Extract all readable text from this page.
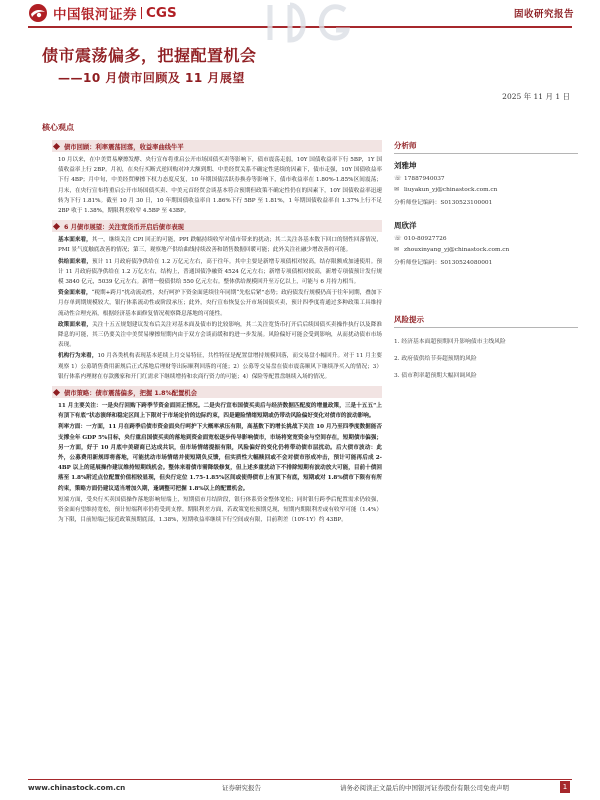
中国银河证券 CGS	固收研究报告
债市震荡偏多，把握配置机会
——10 月债市回顾及 11 月展望
2025 年 11 月 1 日
核心观点
债市回顾：利率震荡回落，收益率曲线牛平

10 月以来，在中美贸易摩擦发酵、央行宣布将重启公开市场国债买卖等影响下，债市震荡走弱，10Y 国债收益率下行 5BP，1Y 国债收益率上行 2BP。月初，在央行买断式逆回购对冲大额到期、中美经贸关系不确定性延续的因素下，债市走强，10Y 国债收益率下行 4BP；月中旬，中美经贸摩擦下权力态度反复，10 年期国债活跃券换券等影响下，债市收益率在 1.80%-1.85%区间震荡；月末，在央行宣布将重启公开市场国债买卖、中美元首经贸会谈基本符合预期但政策不确定性仍在的因素下，10Y 国债收益率迅速转为下行 1.81%。截至 10 月 30 日，10 年期国债收益率自 1.86%下行 5BP 至 1.81%，1 年期国债收益率自 1.37%上行不足 2BP 收于 1.38%，期限利差收窄 4.5BP 至 43BP。

6 月债市展望：关注宽货币开启后债市表现

基本面来看，其一，继续关注 CPI 回正的可能，PPI 跌幅持续收窄对债市带来的扰动；其二关注各基本数下回口的韧性回落情况，PMI 景气度触底改善的情况；第三，观察地产供给曲线持续改善和销售数据回暖可能；此外关注社融少增改善的可能。

供给面来看，预计 11 月政府债净供给在 1.2 万亿元左右，高于往年。其中主要是新增专项债相对较高，结存限额成加速使用。预计 11 月政府债净供给在 1.2 万亿左右，结构上，普通国债净融资 4524 亿元左右；新增专项债相对较高，新增专项债预计发行规模 3840 亿元，5039 亿元左右。新增一般债供给 550 亿元左右。整体供给规模回升至万亿以上，可能与 6 月持力相当。

资金面来看，“税期+跨月”扰动流动性，央行呵护下资金面延续往年同期“先松后紧”态势；政府债发行规模仍高于往年同期，叠加下月存单到期规模较大，银行体系流动性或阶段承压；此外，央行宣布恢复公开市场国债买卖，预计四季度将通过多种政策工具维持流动性合理充裕，根据经济基本面修复情况观察降息落地的可能性。

政策面来看，关注十五五规划建议发布后关注对基本面及债市的比较影响，其二关注宽货币打开后后续国债买卖操作执行以及降准降息的可能，其三仍要关注中美贸易摩擦短期内由于双方会谈而缓和的进一步发展。风险偏好可能会受到影响，从而扰动债市市场表现。

机构行为来看，10 月各类机构表现基本延续上月交易特征，共性特征是配置盘增持规模回落，而交易盘小幅回升。对于 11 月主要观察 1）公募销售费用新规后正式落地后理财等出际顺利回落的可能；2）公募等交易盘在债市震荡顺风下继续净买入的情况；3）银行体系内理财在存款搬家和开门红需求下继续增持和农商行资力的可能；4）保险等配置盘继续入场的情况。

债市策略：债市震荡偏多，把握 1.8%配置机会

11 月主要关注：一是央行回购下跨季节资金面回正情况。二是央行宣布国债买卖后与经济数据匹配度的增量政策，三是十五五“上有顶下有底”状态演绎和稳定区间上下限对于市场定价的边际约束，四是避险情绪短期或仍带动风险偏好变化对债市的波动影响。

利率方面：一方面，11 月在跨季后债市资金面央行呵护下大概率承压有限，高基数下的增长挑战下关注 10 月乃至四季度数据能否支撑全年 GDP 5%目标，央行重启国债买卖的落地到资金面宽松逐步传导影响债市，市场将宽宽资金与空间存在，短期债市偏强；另一方面，好于 10 月底中美磋商已达成共识，但市场情绪提振有限，风险偏好的变化仍将带动债市层扰动。后大债市波动：此外，公募费用新规即将落地，可能扰动市场情绪并使短期负反馈，但实质性大幅赎回或不会对债市形成冲击，预计可能再后成 2-4BP 以上的延展操作建议维持短期线机会。整体来看债市需降级修复，但上述多重扰动下不排除短期有波动放大可能，目前十债回落至 1.8%附近点位配置价值相较显现，但央行定位 1.75-1.85%区间或使得债市上有顶下有底，短期或对 1.8%债市下限有有所约束，策略方面仍建议适当增加久期，逢调整可把握 1.8%以上的配置机会。

短端方面，受央行买卖国债操作落地影响短端上，短期债市月结阶段，银行体系资金整体宽松；同时银行跨季后配置需求仍较强，资金面有望维持宽松，预计短端利率仍将受到支撑。期限利差方面，若政策宽松预期兑现，短期内期限利差或有收窄可能（1.4%）为下限，目前短端已接近政策预期底部，1.38%，短期收益率继续下行空间或有限，目前利差（10Y-1Y）约 43BP。

分析师
刘雅坤
☏ 17887940037
✉ liuyakun_yj@chinastock.com.cn
分析师登记编码：S0130523100001
周欣洋
☏ 010-80927726
✉ zhouxinyang_yj@chinastock.com.cn
分析师登记编码：S0130524080001
风险提示
1. 经济基本面超预期回升影响债市主线风险
2. 政府债供给节奏超预期的风险
3. 债市利率超预期大幅回调风险
www.chinastock.com.cn	证券研究报告	请务必阅读正文最后的中国银河证券股份有限公司免责声明	1
